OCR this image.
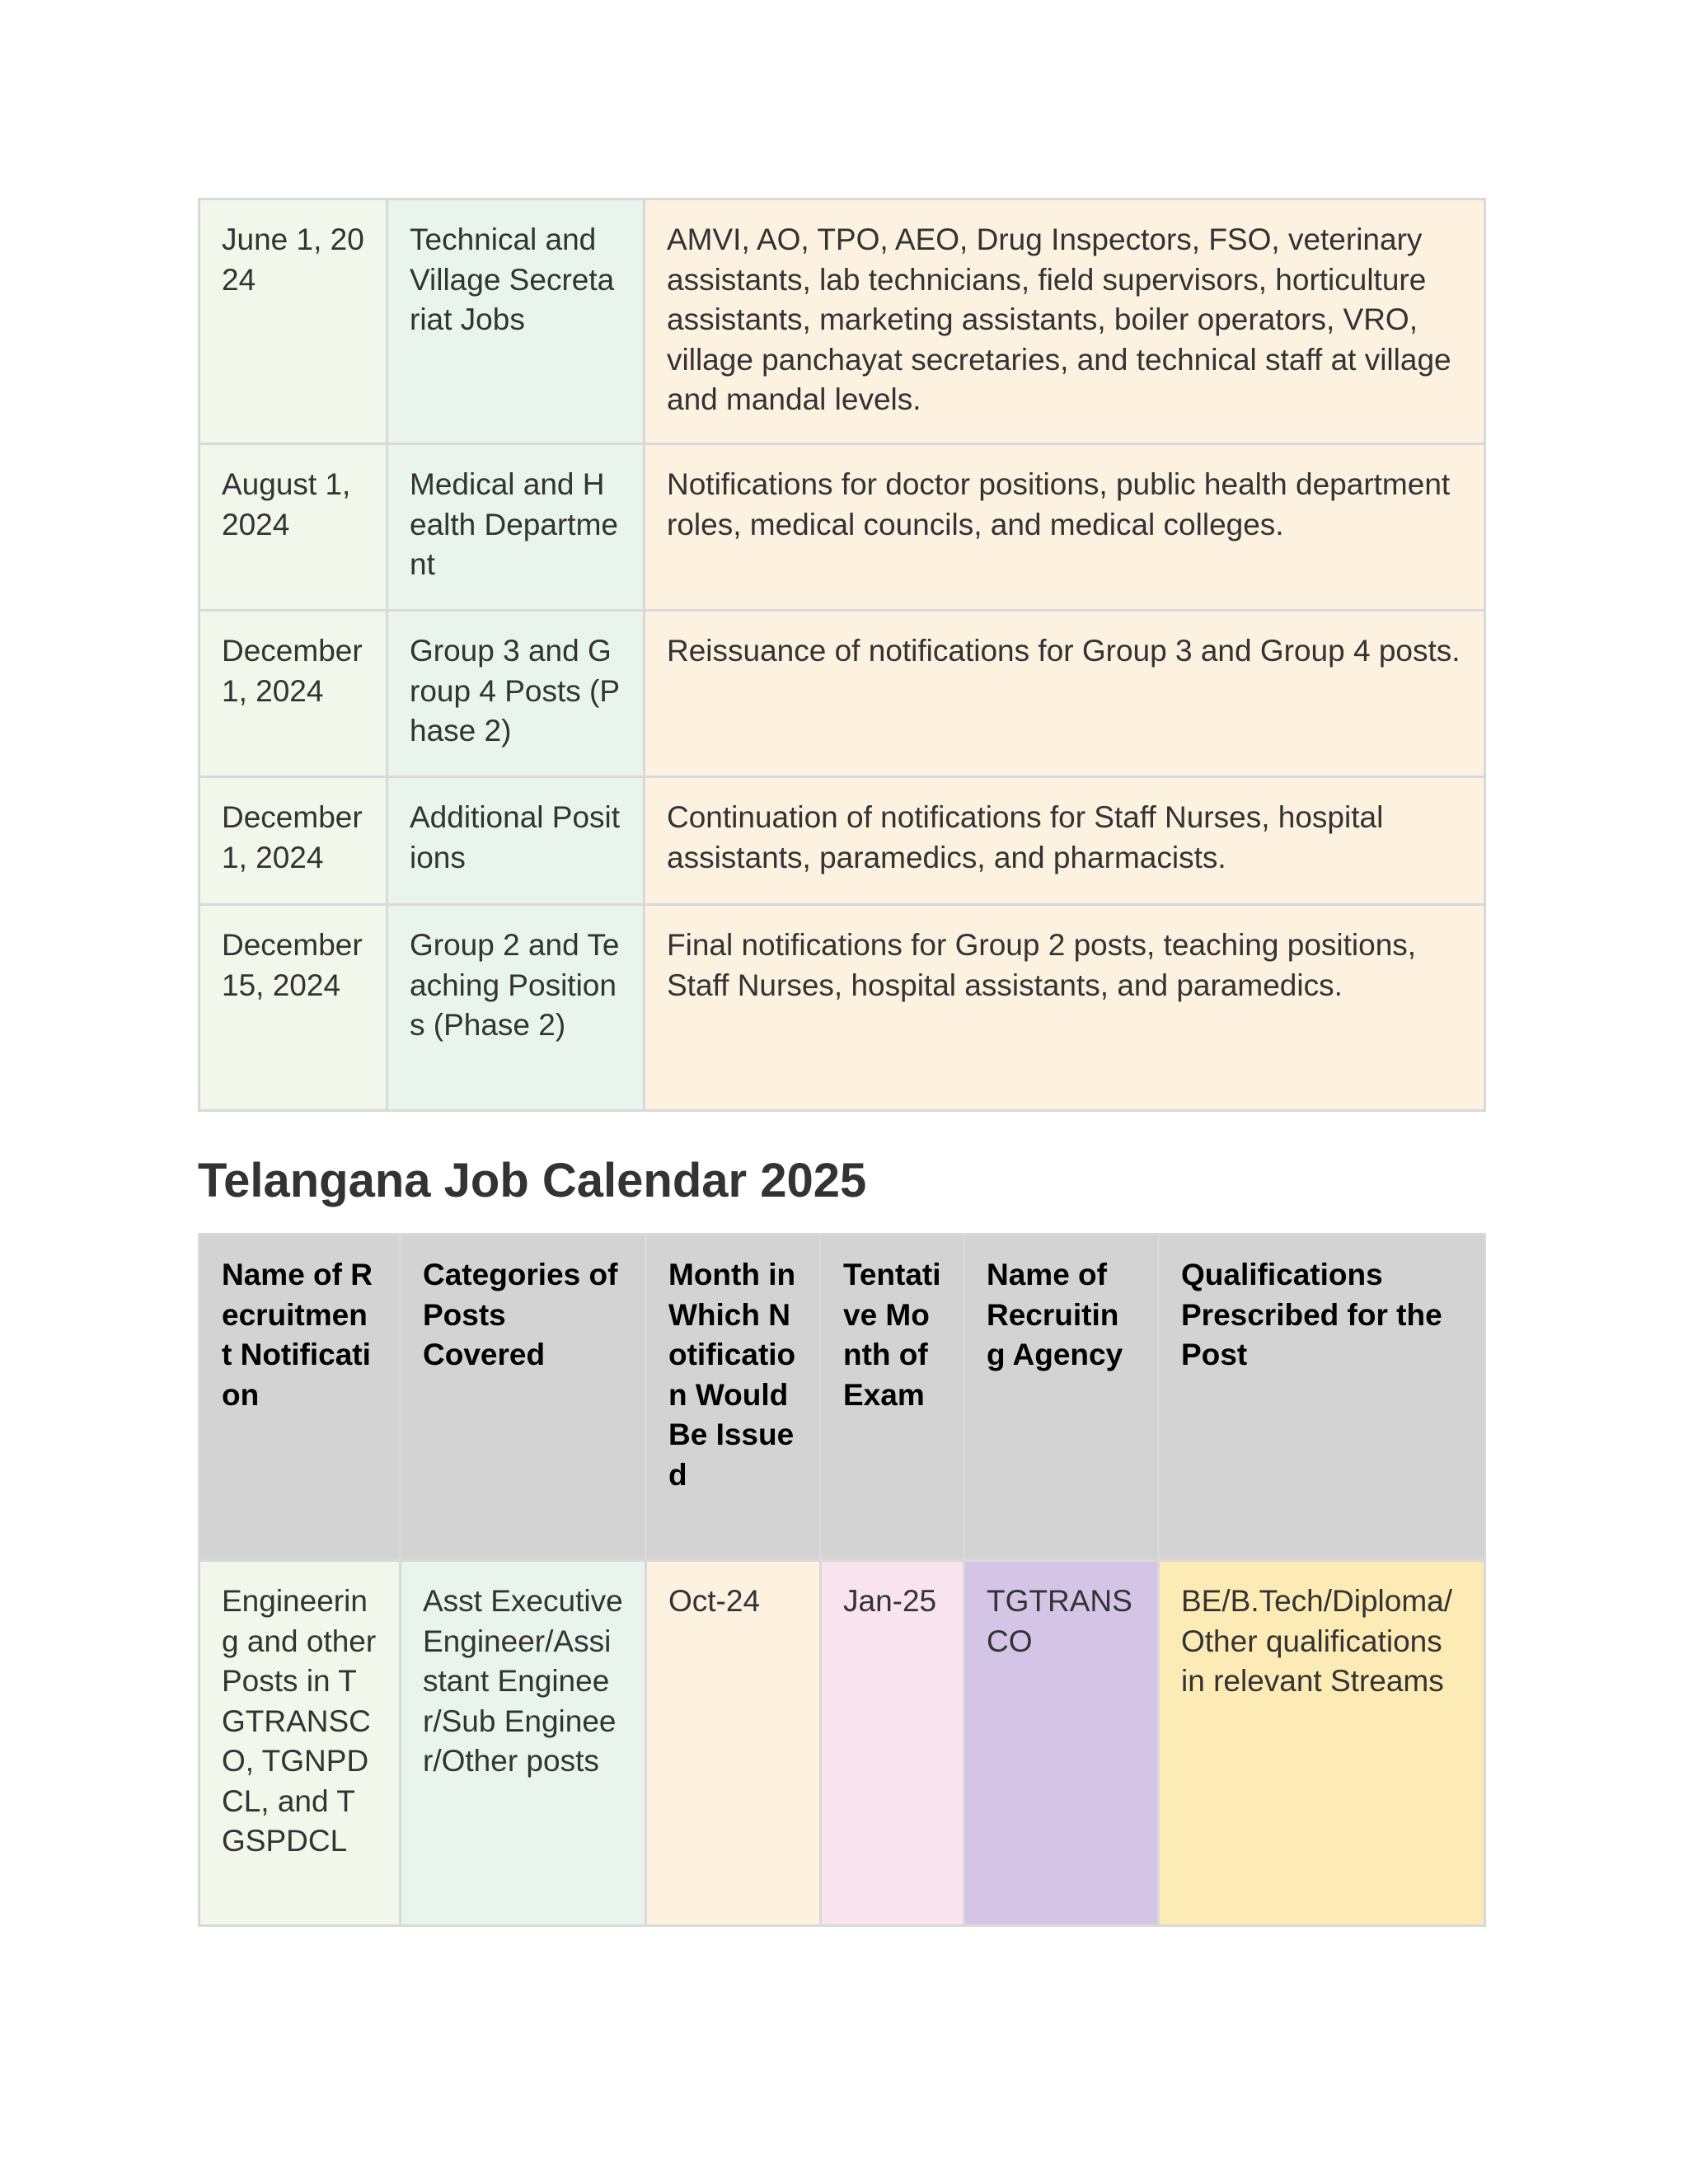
June 1, 2024	Technical and Village Secretariat Jobs	AMVI, AO, TPO, AEO, Drug Inspectors, FSO, veterinary assistants, lab technicians, field supervisors, horticulture assistants, marketing assistants, boiler operators, VRO, village panchayat secretaries, and technical staff at village and mandal levels.
August 1, 2024	Medical and Health Department	Notifications for doctor positions, public health department roles, medical councils, and medical colleges.
December 1, 2024	Group 3 and Group 4 Posts (Phase 2)	Reissuance of notifications for Group 3 and Group 4 posts.
December 1, 2024	Additional Positions	Continuation of notifications for Staff Nurses, hospital assistants, paramedics, and pharmacists.
December 15, 2024	Group 2 and Teaching Positions (Phase 2)	Final notifications for Group 2 posts, teaching positions, Staff Nurses, hospital assistants, and paramedics.
Telangana Job Calendar 2025
Name of Recruitment Notification	Categories of Posts Covered	Month in Which Notification Would Be Issued	Tentative Month of Exam	Name of Recruiting Agency	Qualifications Prescribed for the Post
Engineering and other Posts in TGTRANSCO, TGNPDCL, and TGSPDCL	Asst Executive Engineer/Assistant Engineer/Sub Engineer/Other posts	Oct-24	Jan-25	TGTRANSCO	BE/B.Tech/Diploma/ Other qualifications in relevant Streams
